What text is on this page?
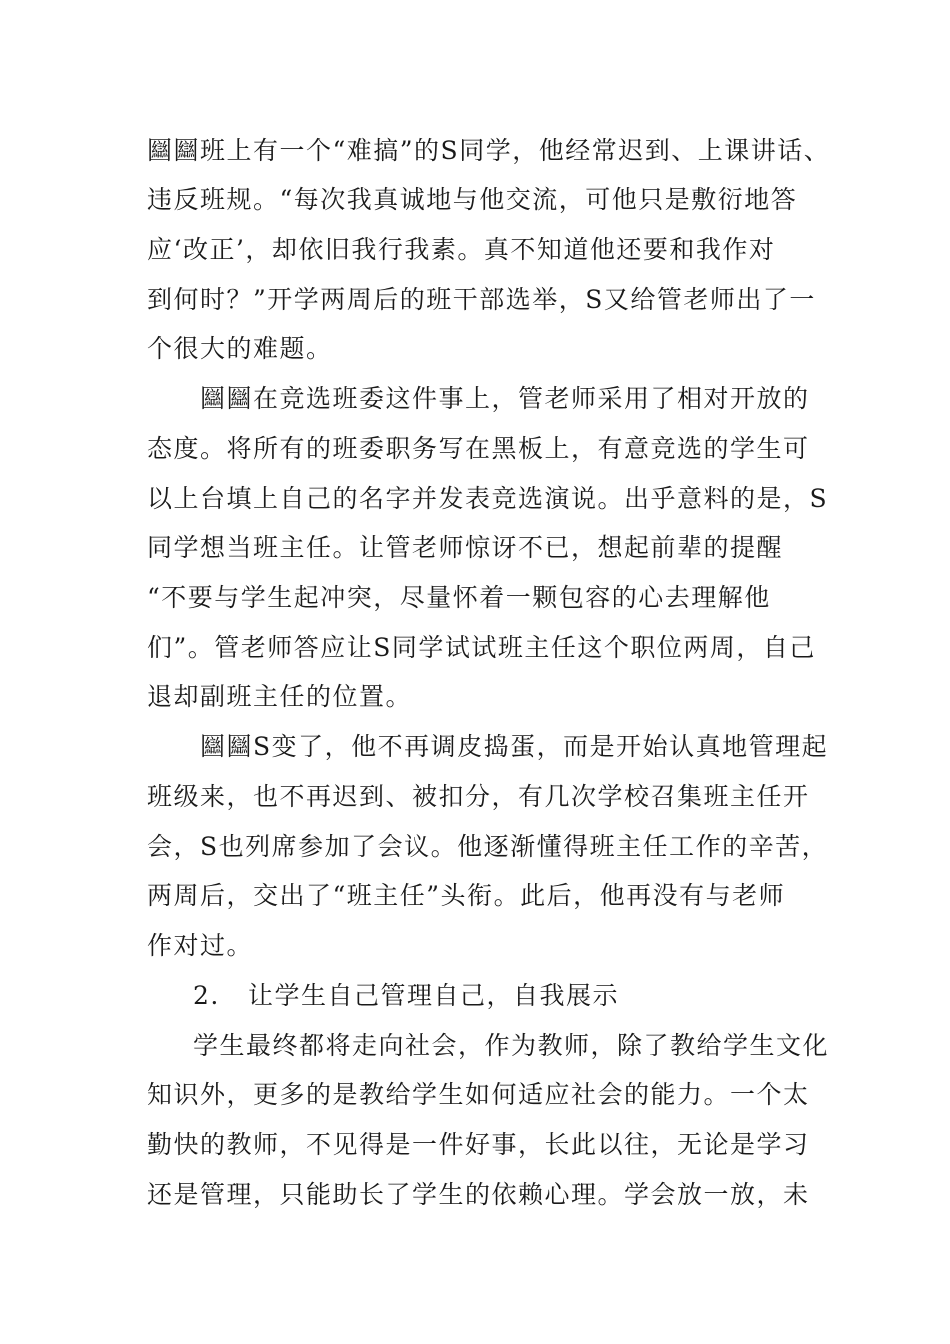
圝圝班上有一个“难搞”的S同学，他经常迟到、上课讲话、
违反班规。“每次我真诚地与他交流，可他只是敷衍地答
应‘改正’，却依旧我行我素。真不知道他还要和我作对
到何时？”开学两周后的班干部选举，S又给管老师出了一
个很大的难题。
圝圝在竞选班委这件事上，管老师采用了相对开放的
态度。将所有的班委职务写在黑板上，有意竞选的学生可
以上台填上自己的名字并发表竞选演说。出乎意料的是，S
同学想当班主任。让管老师惊讶不已，想起前辈的提醒
“不要与学生起冲突，尽量怀着一颗包容的心去理解他
们”。管老师答应让S同学试试班主任这个职位两周，自己
退却副班主任的位置。
圝圝S变了，他不再调皮捣蛋，而是开始认真地管理起
班级来，也不再迟到、被扣分，有几次学校召集班主任开
会，S也列席参加了会议。他逐渐懂得班主任工作的辛苦，
两周后，交出了“班主任”头衔。此后，他再没有与老师
作对过。
2. 让学生自己管理自己，自我展示
学生最终都将走向社会，作为教师，除了教给学生文化
知识外，更多的是教给学生如何适应社会的能力。一个太
勤快的教师，不见得是一件好事，长此以往，无论是学习
还是管理，只能助长了学生的依赖心理。学会放一放，未
